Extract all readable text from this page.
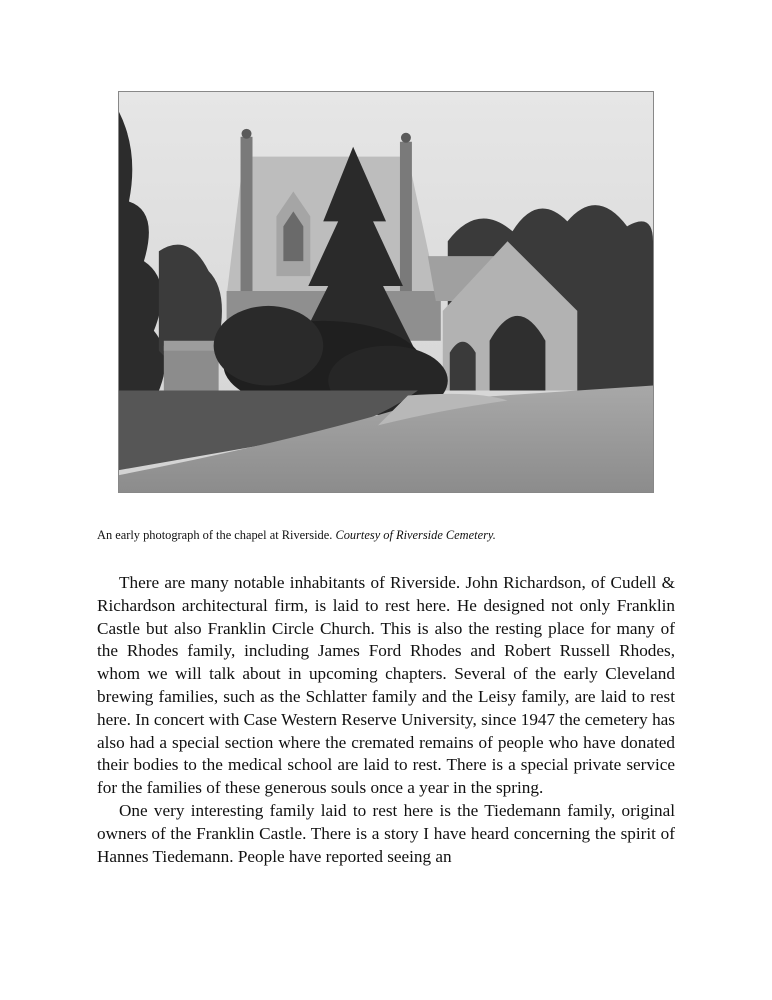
An early photograph of the chapel at Riverside. Courtesy of Riverside Cemetery.

There are many notable inhabitants of Riverside. John Richardson, of Cudell & Richardson architectural firm, is laid to rest here. He designed not only Franklin Castle but also Franklin Circle Church. This is also the resting place for many of the Rhodes family, including James Ford Rhodes and Robert Russell Rhodes, whom we will talk about in upcoming chapters. Several of the early Cleveland brewing families, such as the Schlatter family and the Leisy family, are laid to rest here. In concert with Case Western Reserve University, since 1947 the cemetery has also had a special section where the cremated remains of people who have donated their bodies to the medical school are laid to rest. There is a special private service for the families of these generous souls once a year in the spring.

One very interesting family laid to rest here is the Tiedemann family, original owners of the Franklin Castle. There is a story I have heard concerning the spirit of Hannes Tiedemann. People have reported seeing an
